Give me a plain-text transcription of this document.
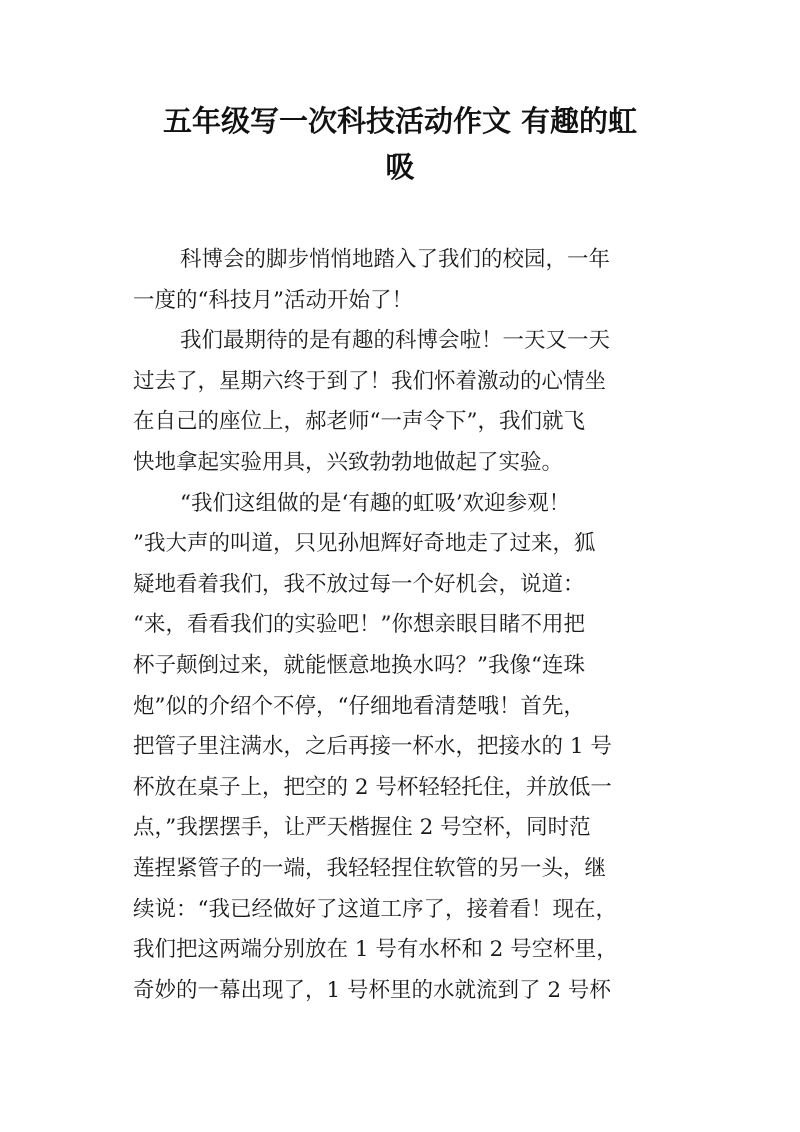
五年级写一次科技活动作文 有趣的虹
吸
科博会的脚步悄悄地踏入了我们的校园，一年
一度的“科技月”活动开始了！
我们最期待的是有趣的科博会啦！一天又一天
过去了，星期六终于到了！我们怀着激动的心情坐
在自己的座位上，郝老师“一声令下”，我们就飞
快地拿起实验用具，兴致勃勃地做起了实验。
“我们这组做的是‘有趣的虹吸’欢迎参观！
”我大声的叫道，只见孙旭辉好奇地走了过来，狐
疑地看着我们，我不放过每一个好机会，说道：
“来，看看我们的实验吧！”你想亲眼目睹不用把
杯子颠倒过来，就能惬意地换水吗？”我像“连珠
炮”似的介绍个不停，“仔细地看清楚哦！首先，
把管子里注满水，之后再接一杯水，把接水的 1 号
杯放在桌子上，把空的 2 号杯轻轻托住，并放低一
点，”我摆摆手，让严天楷握住 2 号空杯，同时范
莲捏紧管子的一端，我轻轻捏住软管的另一头，继
续说：“我已经做好了这道工序了，接着看！现在，
我们把这两端分别放在 1 号有水杯和 2 号空杯里，
奇妙的一幕出现了，1 号杯里的水就流到了 2 号杯
